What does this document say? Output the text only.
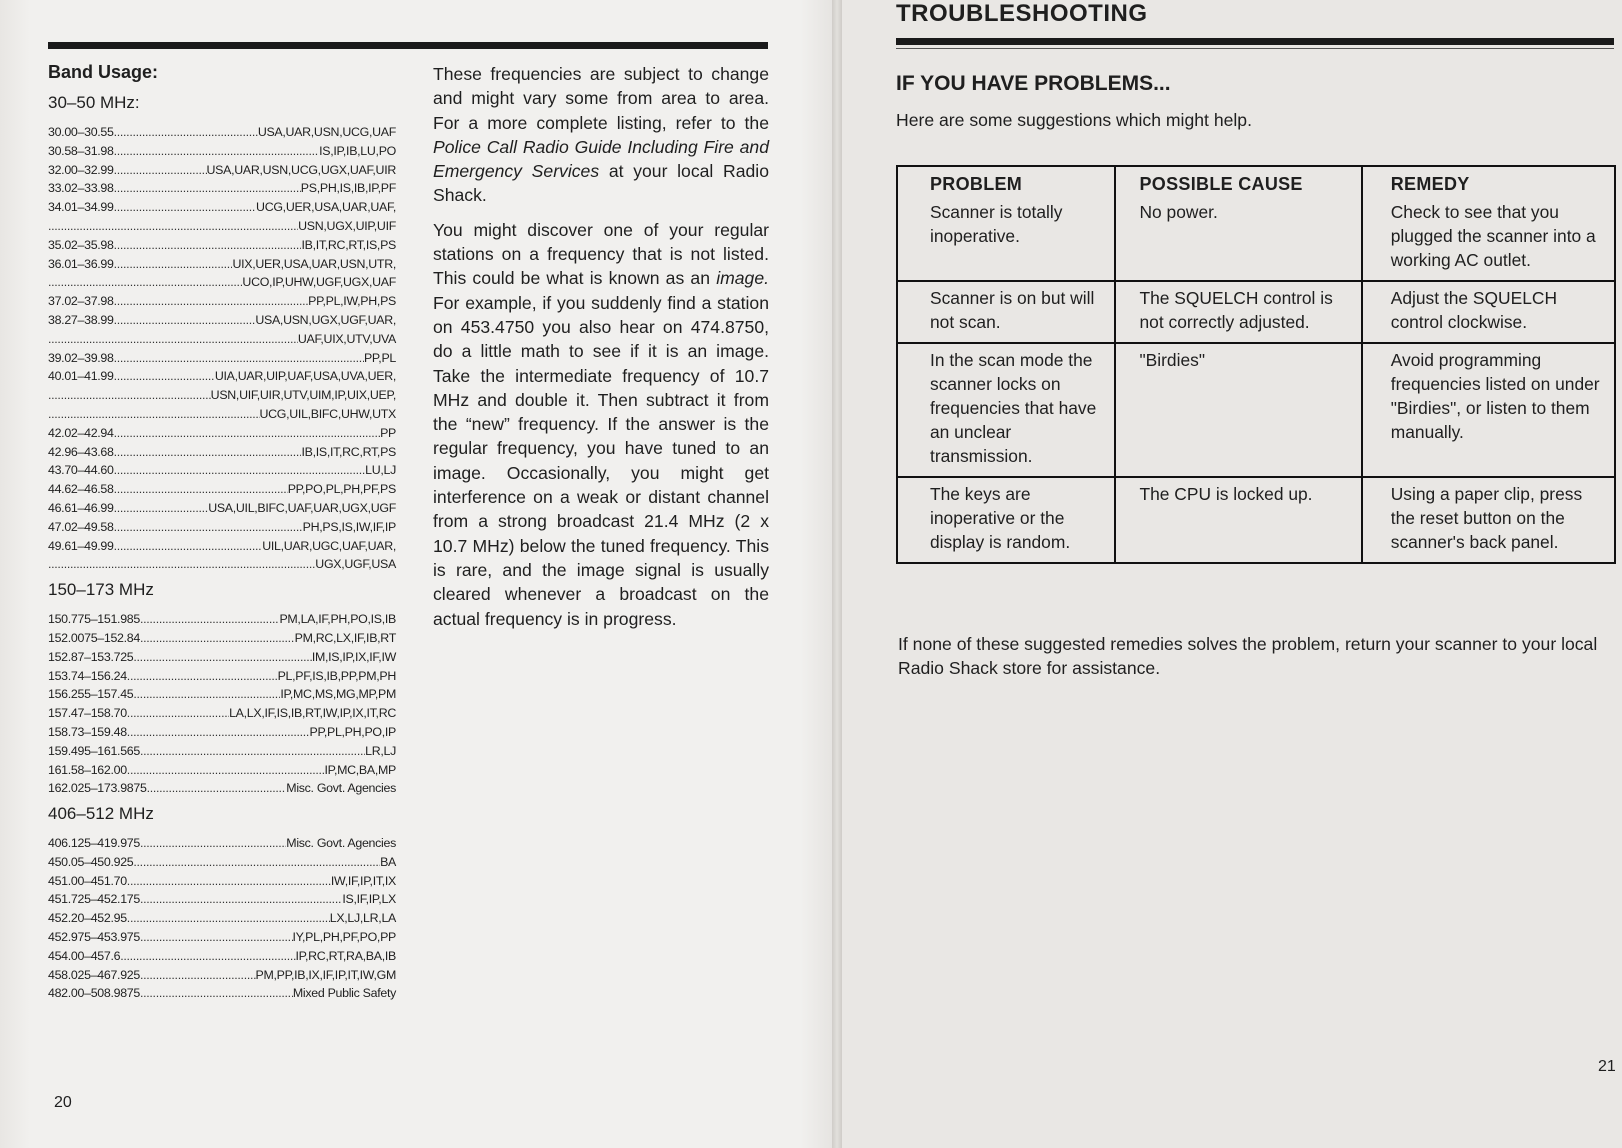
Band Usage:
30–50 MHz:
30.00–30.55 .....	USA,UAR,USN,UCG,UAF
30.58–31.98 .....	IS,IP,IB,LU,PO
32.00–32.99 .....	USA,UAR,USN,UCG,UGX,UAF,UIR
33.02–33.98 .....	PS,PH,IS,IB,IP,PF
34.01–34.99 .....	UCG,UER,USA,UAR,UAF,
.....
USN,UGX,UIP,UIF
35.02–35.98 .....	IB,IT,RC,RT,IS,PS
36.01–36.99 .....	UIX,UER,USA,UAR,USN,UTR,
.....
UCO,IP,UHW,UGF,UGX,UAF
37.02–37.98 .....	PP,PL,IW,PH,PS
38.27–38.99 .....	USA,USN,UGX,UGF,UAR,
.....
UAF,UIX,UTV,UVA
39.02–39.98 .....	PP,PL
40.01–41.99 .....	UIA,UAR,UIP,UAF,USA,UVA,UER,
.....
USN,UIF,UIR,UTV,UIM,IP,UIX,UEP,
.....
UCG,UIL,BIFC,UHW,UTX
42.02–42.94 .....	PP
42.96–43.68 .....	IB,IS,IT,RC,RT,PS
43.70–44.60 .....	LU,LJ
44.62–46.58 .....	PP,PO,PL,PH,PF,PS
46.61–46.99 .....	USA,UIL,BIFC,UAF,UAR,UGX,UGF
47.02–49.58 .....	PH,PS,IS,IW,IF,IP
49.61–49.99 .....	UIL,UAR,UGC,UAF,UAR,
.....
UGX,UGF,USA
150–173 MHz
150.775–151.985 .....	PM,LA,IF,PH,PO,IS,IB
152.0075–152.84 .....	PM,RC,LX,IF,IB,RT
152.87–153.725 .....	IM,IS,IP,IX,IF,IW
153.74–156.24 .....	PL,PF,IS,IB,PP,PM,PH
156.255–157.45 .....	IP,MC,MS,MG,MP,PM
157.47–158.70 .....	LA,LX,IF,IS,IB,RT,IW,IP,IX,IT,RC
158.73–159.48 .....	PP,PL,PH,PO,IP
159.495–161.565 .....	LR,LJ
161.58–162.00 .....	IP,MC,BA,MP
162.025–173.9875 .....	Misc. Govt. Agencies
406–512 MHz
406.125–419.975 .....	Misc. Govt. Agencies
450.05–450.925 .....	BA
451.00–451.70 .....	IW,IF,IP,IT,IX
451.725–452.175 .....	IS,IF,IP,LX
452.20–452.95 .....	LX,LJ,LR,LA
452.975–453.975 .....	IY,PL,PH,PF,PO,PP
454.00–457.6 .....	IP,RC,RT,RA,BA,IB
458.025–467.925 .....	PM,PP,IB,IX,IF,IP,IT,IW,GM
482.00–508.9875 .....	Mixed Public Safety

These frequencies are subject to change and might vary some from area to area. For a more complete listing, refer to the Police Call Radio Guide Including Fire and Emergency Services at your local Radio Shack.

You might discover one of your regular stations on a frequency that is not listed. This could be what is known as an image. For example, if you suddenly find a station on 453.4750 you also hear on 474.8750, do a little math to see if it is an image. Take the intermediate frequency of 10.7 MHz and double it. Then subtract it from the “new” frequency. If the answer is the regular frequency, you have tuned to an image. Occasionally, you might get interference on a weak or distant channel from a strong broadcast 21.4 MHz (2 x 10.7 MHz) below the tuned frequency. This is rare, and the image signal is usually cleared whenever a broadcast on the actual frequency is in progress.

20
TROUBLESHOOTING
IF YOU HAVE PROBLEMS...
Here are some suggestions which might help.
PROBLEM	POSSIBLE CAUSE	REMEDY

Scanner is totally inoperative.	No power.	Check to see that you plugged the scanner into a working AC outlet.

Scanner is on but will not scan.	The SQUELCH control is not correctly adjusted.	Adjust the SQUELCH control clockwise.

In the scan mode the scanner locks on frequencies that have an unclear transmission.	"Birdies"	Avoid programming frequencies listed on under "Birdies", or listen to them manually.

The keys are inoperative or the display is random.	The CPU is locked up.	Using a paper clip, press the reset button on the scanner's back panel.
If none of these suggested remedies solves the problem, return your scanner to your local Radio Shack store for assistance.
21
